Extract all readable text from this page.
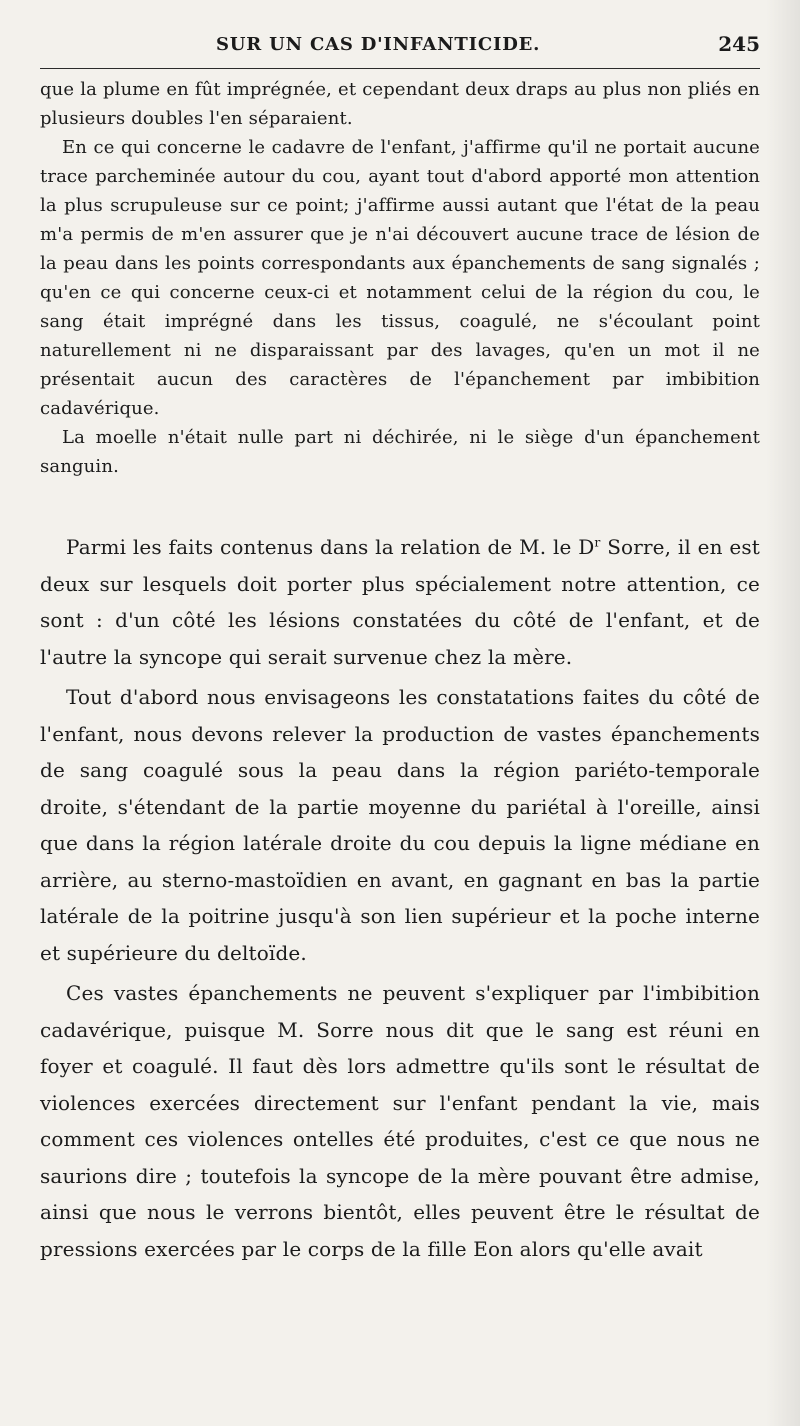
SUR UN CAS D'INFANTICIDE.	245

que la plume en fût imprégnée, et cependant deux draps au plus non pliés en plusieurs doubles l'en séparaient.

En ce qui concerne le cadavre de l'enfant, j'affirme qu'il ne portait aucune trace parcheminée autour du cou, ayant tout d'abord apporté mon attention la plus scrupuleuse sur ce point; j'affirme aussi autant que l'état de la peau m'a permis de m'en assurer que je n'ai découvert aucune trace de lésion de la peau dans les points correspondants aux épanchements de sang signalés ; qu'en ce qui concerne ceux-ci et notamment celui de la région du cou, le sang était imprégné dans les tissus, coagulé, ne s'écoulant point naturellement ni ne disparaissant par des lavages, qu'en un mot il ne présentait aucun des caractères de l'épanchement par imbibition cadavérique.

La moelle n'était nulle part ni déchirée, ni le siège d'un épanchement sanguin.

Parmi les faits contenus dans la relation de M. le $D^r$ Sorre, il en est deux sur lesquels doit porter plus spécialement notre attention, ce sont : d'un côté les lésions constatées du côté de l'enfant, et de l'autre la syncope qui serait survenue chez la mère.

Tout d'abord nous envisageons les constatations faites du côté de l'enfant, nous devons relever la production de vastes épanchements de sang coagulé sous la peau dans la région pariéto-temporale droite, s'étendant de la partie moyenne du pariétal à l'oreille, ainsi que dans la région latérale droite du cou depuis la ligne médiane en arrière, au sterno-mastoïdien en avant, en gagnant en bas la partie latérale de la poitrine jusqu'à son lien supérieur et la poche interne et supérieure du deltoïde.

Ces vastes épanchements ne peuvent s'expliquer par l'imbibition cadavérique, puisque M. Sorre nous dit que le sang est réuni en foyer et coagulé. Il faut dès lors admettre qu'ils sont le résultat de violences exercées directement sur l'enfant pendant la vie, mais comment ces violences ontelles été produites, c'est ce que nous ne saurions dire ; toutefois la syncope de la mère pouvant être admise, ainsi que nous le verrons bientôt, elles peuvent être le résultat de pressions exercées par le corps de la fille Eon alors qu'elle avait
